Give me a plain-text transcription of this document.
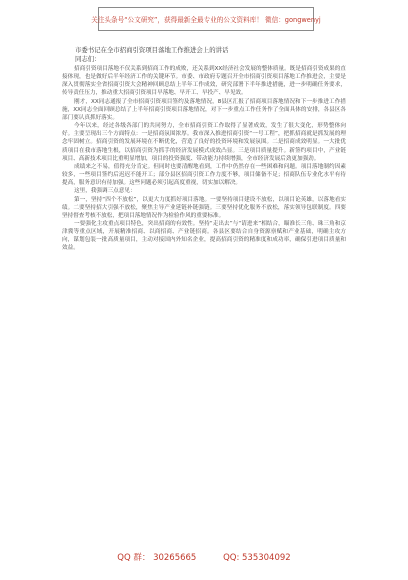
关注头条号“公文研究”，获得最新全最专业的公文资料库！ 微信：gongwenyj
市委书记在全市招商引资项目落地工作推进会上的讲话
同志们：

招商引资项目落地不仅关系到招商工作的成败，还关系到XX经济社会发展的整体质量。既是招商引资成果的直接体现，也是做好后半年经济工作的关键环节。市委、市政府专题召开全市招商引资项目落地工作推进会，主要是深入贯彻落实全省招商引资大会精神回顾总结上半年工作成效，研究部署下半年推进措施，进一步明确任务要求，传导责任压力，推动重大招商引资项目早落地、早开工、早投产、早见效。

刚才，XX同志通报了全市招商引资项目签约及落地情况，8县区汇报了招商项目落地情况和下一步推进工作措施，XX同志全面回顾总结了上半年招商引资项目落地情况，对下一步重点工作任务作了全面具体的安排，各县区各部门要认真抓好落实。

今年以来，经过各级各部门的共同努力，全市招商引资工作取得了显著成效，发生了很大变化，形势整体向好。主要呈现出三个方面特点：一是招商氛围浓厚。我市深入推进招商引资“一号工程”，把抓招商就是抓发展的理念牢固树立。招商引资的发展环境在不断优化，营造了良好的投资环境和发展氛围。二是招商成效明显。一大批优质项目在我市落地生根，以招商引资为抓手的经济发展模式成效凸显。三是项目质量提升。新签约项目中，产业链项目、高新技术项目比重明显增加，项目的投资强度、带动能力持续增强，全市经济发展后劲更加强劲。

成绩来之不易，值得充分肯定。但同时也要清醒地看到，工作中仍然存在一些困难和问题。项目落地制约因素较多，一些项目签约后迟迟不能开工；部分县区招商引资工作力度不够，项目储备不足；招商队伍专业化水平有待提高，服务意识有待加强。这些问题必须引起高度重视，切实加以解决。

这里，我强调三点意见：

第一，坚持“四个不放松”，以更大力度抓好项目落地。一要坚持项目建设不放松，以项目论英雄，以落地看实绩。二要坚持招大引强不放松，聚焦主导产业延链补链强链。三要坚持优化服务不放松，落实领导包联制度。四要坚持督查考核不放松，把项目落地情况作为检验作风的重要标准。

一要强化主攻重点项目特色，突出招商的有效性。坚持“走出去”与“请进来”相结合，瞄准长三角、珠三角和京津冀等重点区域，开展精准招商、以商招商、产业链招商。各县区要结合自身资源禀赋和产业基础，明确主攻方向，谋划包装一批高质量项目，主动对接国内外知名企业，提高招商引资的精准度和成功率，确保引进项目质量和效益。

QQ 群： 30265665	QQ: 535304092
